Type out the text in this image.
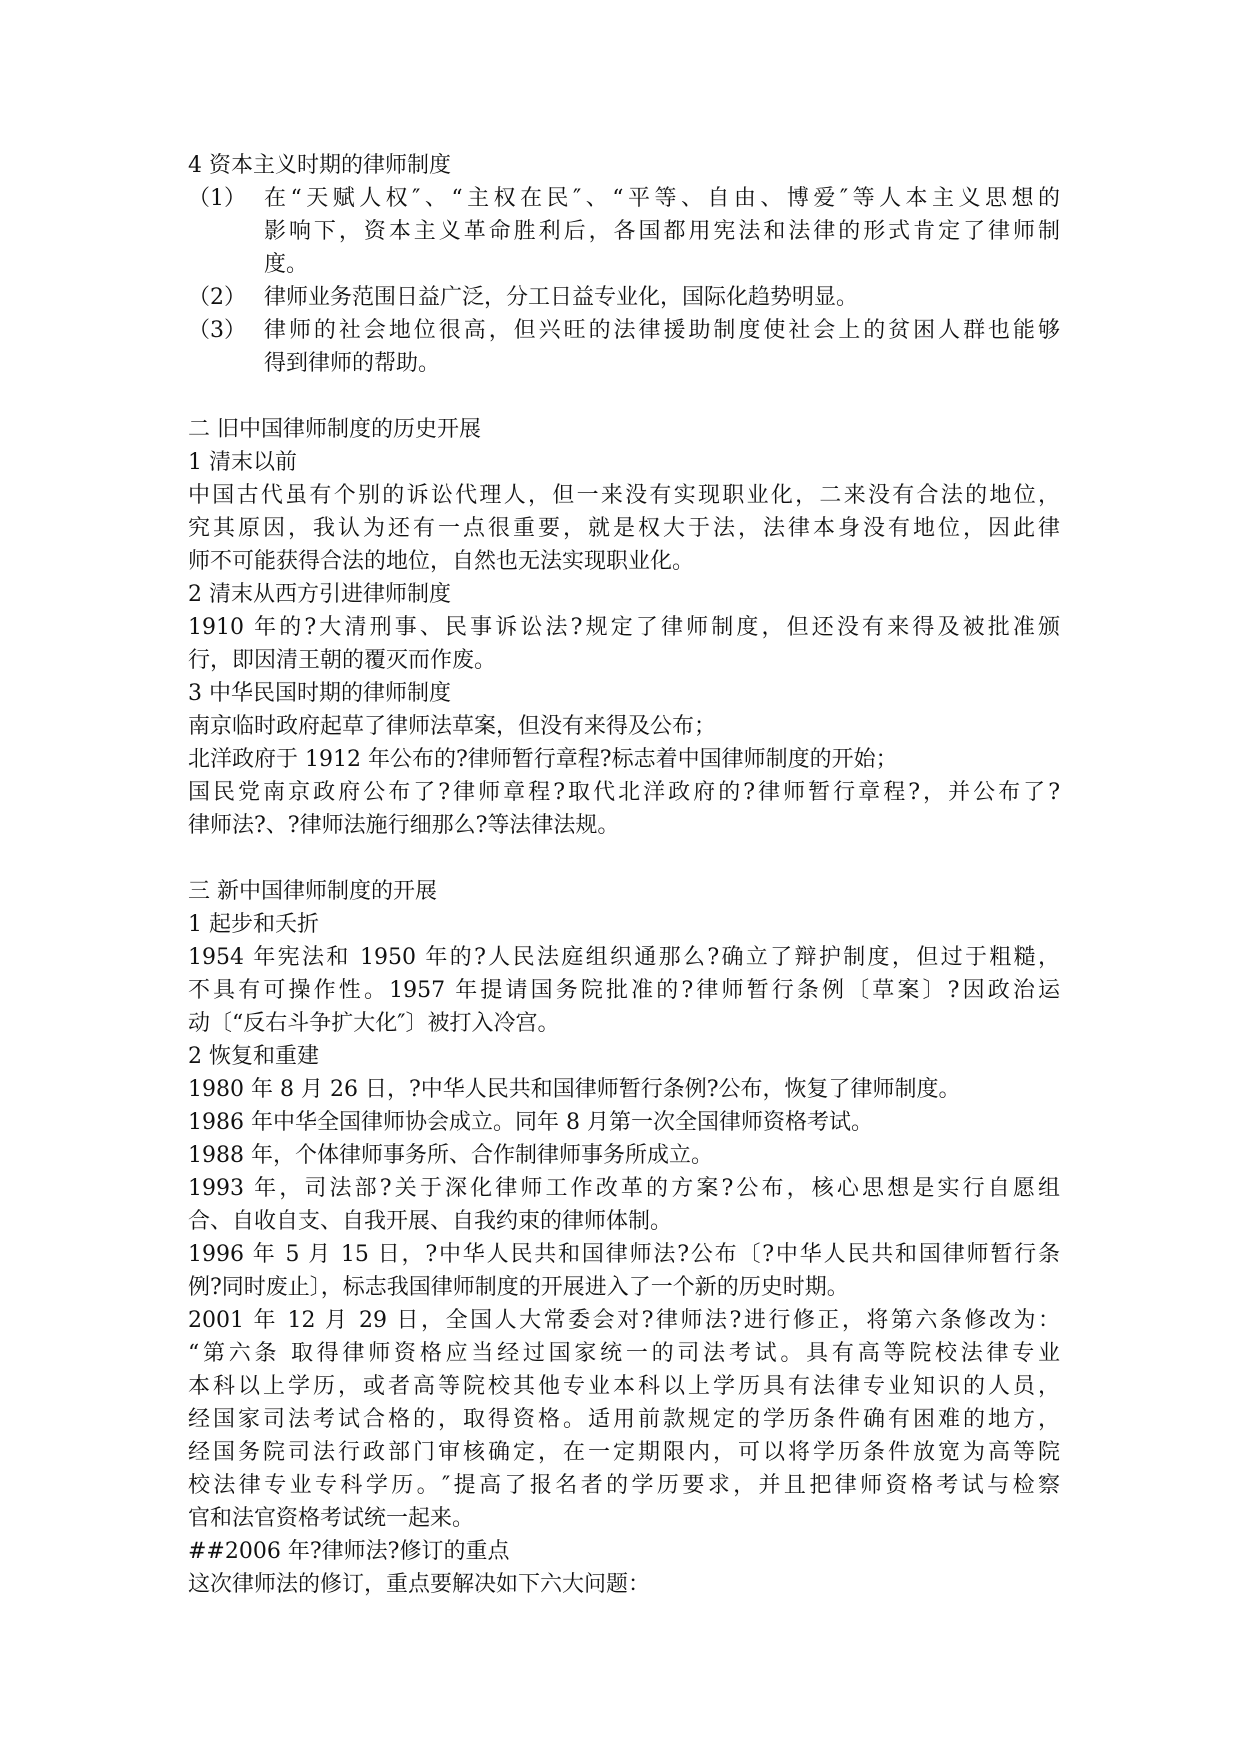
4 资本主义时期的律师制度

（1） 在“天赋人权″、“主权在民″、“平等、自由、博爱″等人本主义思想的

影响下，资本主义革命胜利后，各国都用宪法和法律的形式肯定了律师制

度。

（2） 律师业务范围日益广泛，分工日益专业化，国际化趋势明显。

（3） 律师的社会地位很高，但兴旺的法律援助制度使社会上的贫困人群也能够

得到律师的帮助。

二 旧中国律师制度的历史开展

1 清末以前

中国古代虽有个别的诉讼代理人，但一来没有实现职业化，二来没有合法的地位，

究其原因，我认为还有一点很重要，就是权大于法，法律本身没有地位，因此律

师不可能获得合法的地位，自然也无法实现职业化。

2 清末从西方引进律师制度

1910 年的?大清刑事、民事诉讼法?规定了律师制度，但还没有来得及被批准颁

行，即因清王朝的覆灭而作废。

3 中华民国时期的律师制度

南京临时政府起草了律师法草案，但没有来得及公布；

北洋政府于 1912 年公布的?律师暂行章程?标志着中国律师制度的开始；

国民党南京政府公布了?律师章程?取代北洋政府的?律师暂行章程?，并公布了?

律师法?、?律师法施行细那么?等法律法规。

三 新中国律师制度的开展

1 起步和夭折

1954 年宪法和 1950 年的?人民法庭组织通那么?确立了辩护制度，但过于粗糙，

不具有可操作性。1957 年提请国务院批准的?律师暂行条例〔草案〕?因政治运

动〔“反右斗争扩大化″〕被打入冷宫。

2 恢复和重建

1980 年 8 月 26 日，?中华人民共和国律师暂行条例?公布，恢复了律师制度。

1986 年中华全国律师协会成立。同年 8 月第一次全国律师资格考试。

1988 年，个体律师事务所、合作制律师事务所成立。

1993 年，司法部?关于深化律师工作改革的方案?公布，核心思想是实行自愿组

合、自收自支、自我开展、自我约束的律师体制。

1996 年 5 月 15 日，?中华人民共和国律师法?公布〔?中华人民共和国律师暂行条

例?同时废止〕，标志我国律师制度的开展进入了一个新的历史时期。

2001 年 12 月 29 日，全国人大常委会对?律师法?进行修正，将第六条修改为：

“第六条 取得律师资格应当经过国家统一的司法考试。具有高等院校法律专业

本科以上学历，或者高等院校其他专业本科以上学历具有法律专业知识的人员，

经国家司法考试合格的，取得资格。适用前款规定的学历条件确有困难的地方，

经国务院司法行政部门审核确定，在一定期限内，可以将学历条件放宽为高等院

校法律专业专科学历。″提高了报名者的学历要求，并且把律师资格考试与检察

官和法官资格考试统一起来。

##2006 年?律师法?修订的重点

这次律师法的修订，重点要解决如下六大问题：
